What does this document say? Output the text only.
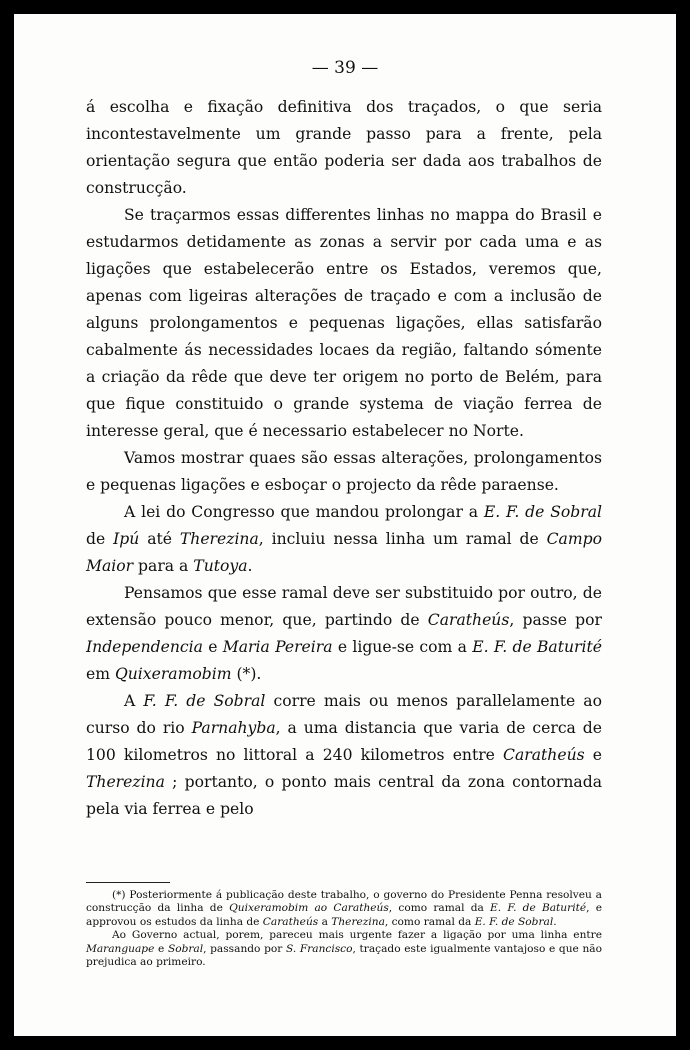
— 39 —

á escolha e fixação definitiva dos traçados, o que seria incontestavelmente um grande passo para a frente, pela orientação segura que então poderia ser dada aos trabalhos de construcção.

Se traçarmos essas differentes linhas no mappa do Brasil e estudarmos detidamente as zonas a servir por cada uma e as ligações que estabelecerão entre os Estados, veremos que, apenas com ligeiras alterações de traçado e com a inclusão de alguns prolongamentos e pequenas ligações, ellas satisfarão cabalmente ás necessidades locaes da região, faltando sómente a criação da rêde que deve ter origem no porto de Belém, para que fique constituido o grande systema de viação ferrea de interesse geral, que é necessario estabelecer no Norte.

Vamos mostrar quaes são essas alterações, prolongamentos e pequenas ligações e esboçar o projecto da rêde paraense.

A lei do Congresso que mandou prolongar a E. F. de Sobral de Ipú até Therezina, incluiu nessa linha um ramal de Campo Maior para a Tutoya.

Pensamos que esse ramal deve ser substituido por outro, de extensão pouco menor, que, partindo de Caratheús, passe por Independencia e Maria Pereira e ligue-se com a E. F. de Baturité em Quixeramobim (*).

A F. F. de Sobral corre mais ou menos parallelamente ao curso do rio Parnahyba, a uma distancia que varia de cerca de 100 kilometros no littoral a 240 kilometros entre Caratheús e Therezina ; portanto, o ponto mais central da zona contornada pela via ferrea e pelo

(*) Posteriormente á publicação deste trabalho, o governo do Presidente Penna resolveu a construcção da linha de Quixeramobim ao Caratheús, como ramal da E. F. de Baturité, e approvou os estudos da linha de Caratheús a Therezina, como ramal da E. F. de Sobral.

Ao Governo actual, porem, pareceu mais urgente fazer a ligação por uma linha entre Maranguape e Sobral, passando por S. Francisco, traçado este igualmente vantajoso e que não prejudica ao primeiro.
